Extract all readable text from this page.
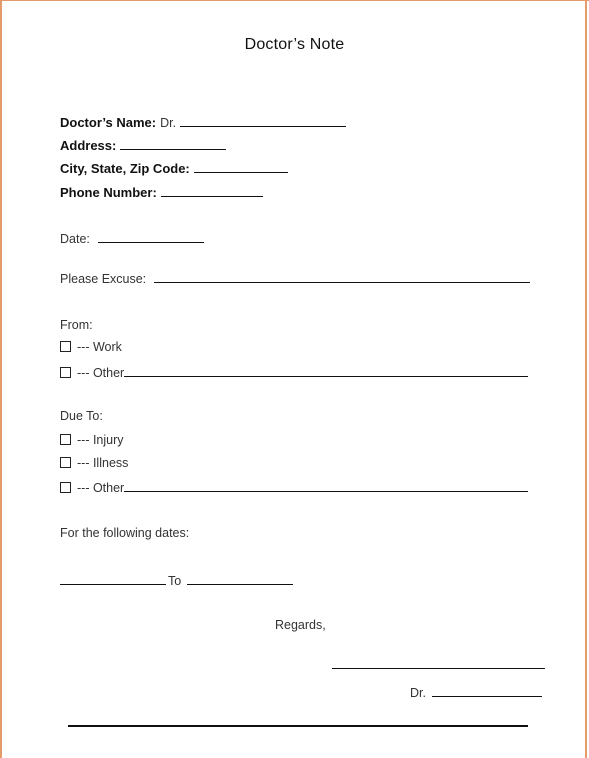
Doctor’s Note
Doctor’s Name: Dr.
Address:
City, State, Zip Code:
Phone Number:
Date:
Please Excuse:
From:
--- Work
--- Other
Due To:
--- Injury
--- Illness
--- Other
For the following dates:
To
Regards,
Dr.
